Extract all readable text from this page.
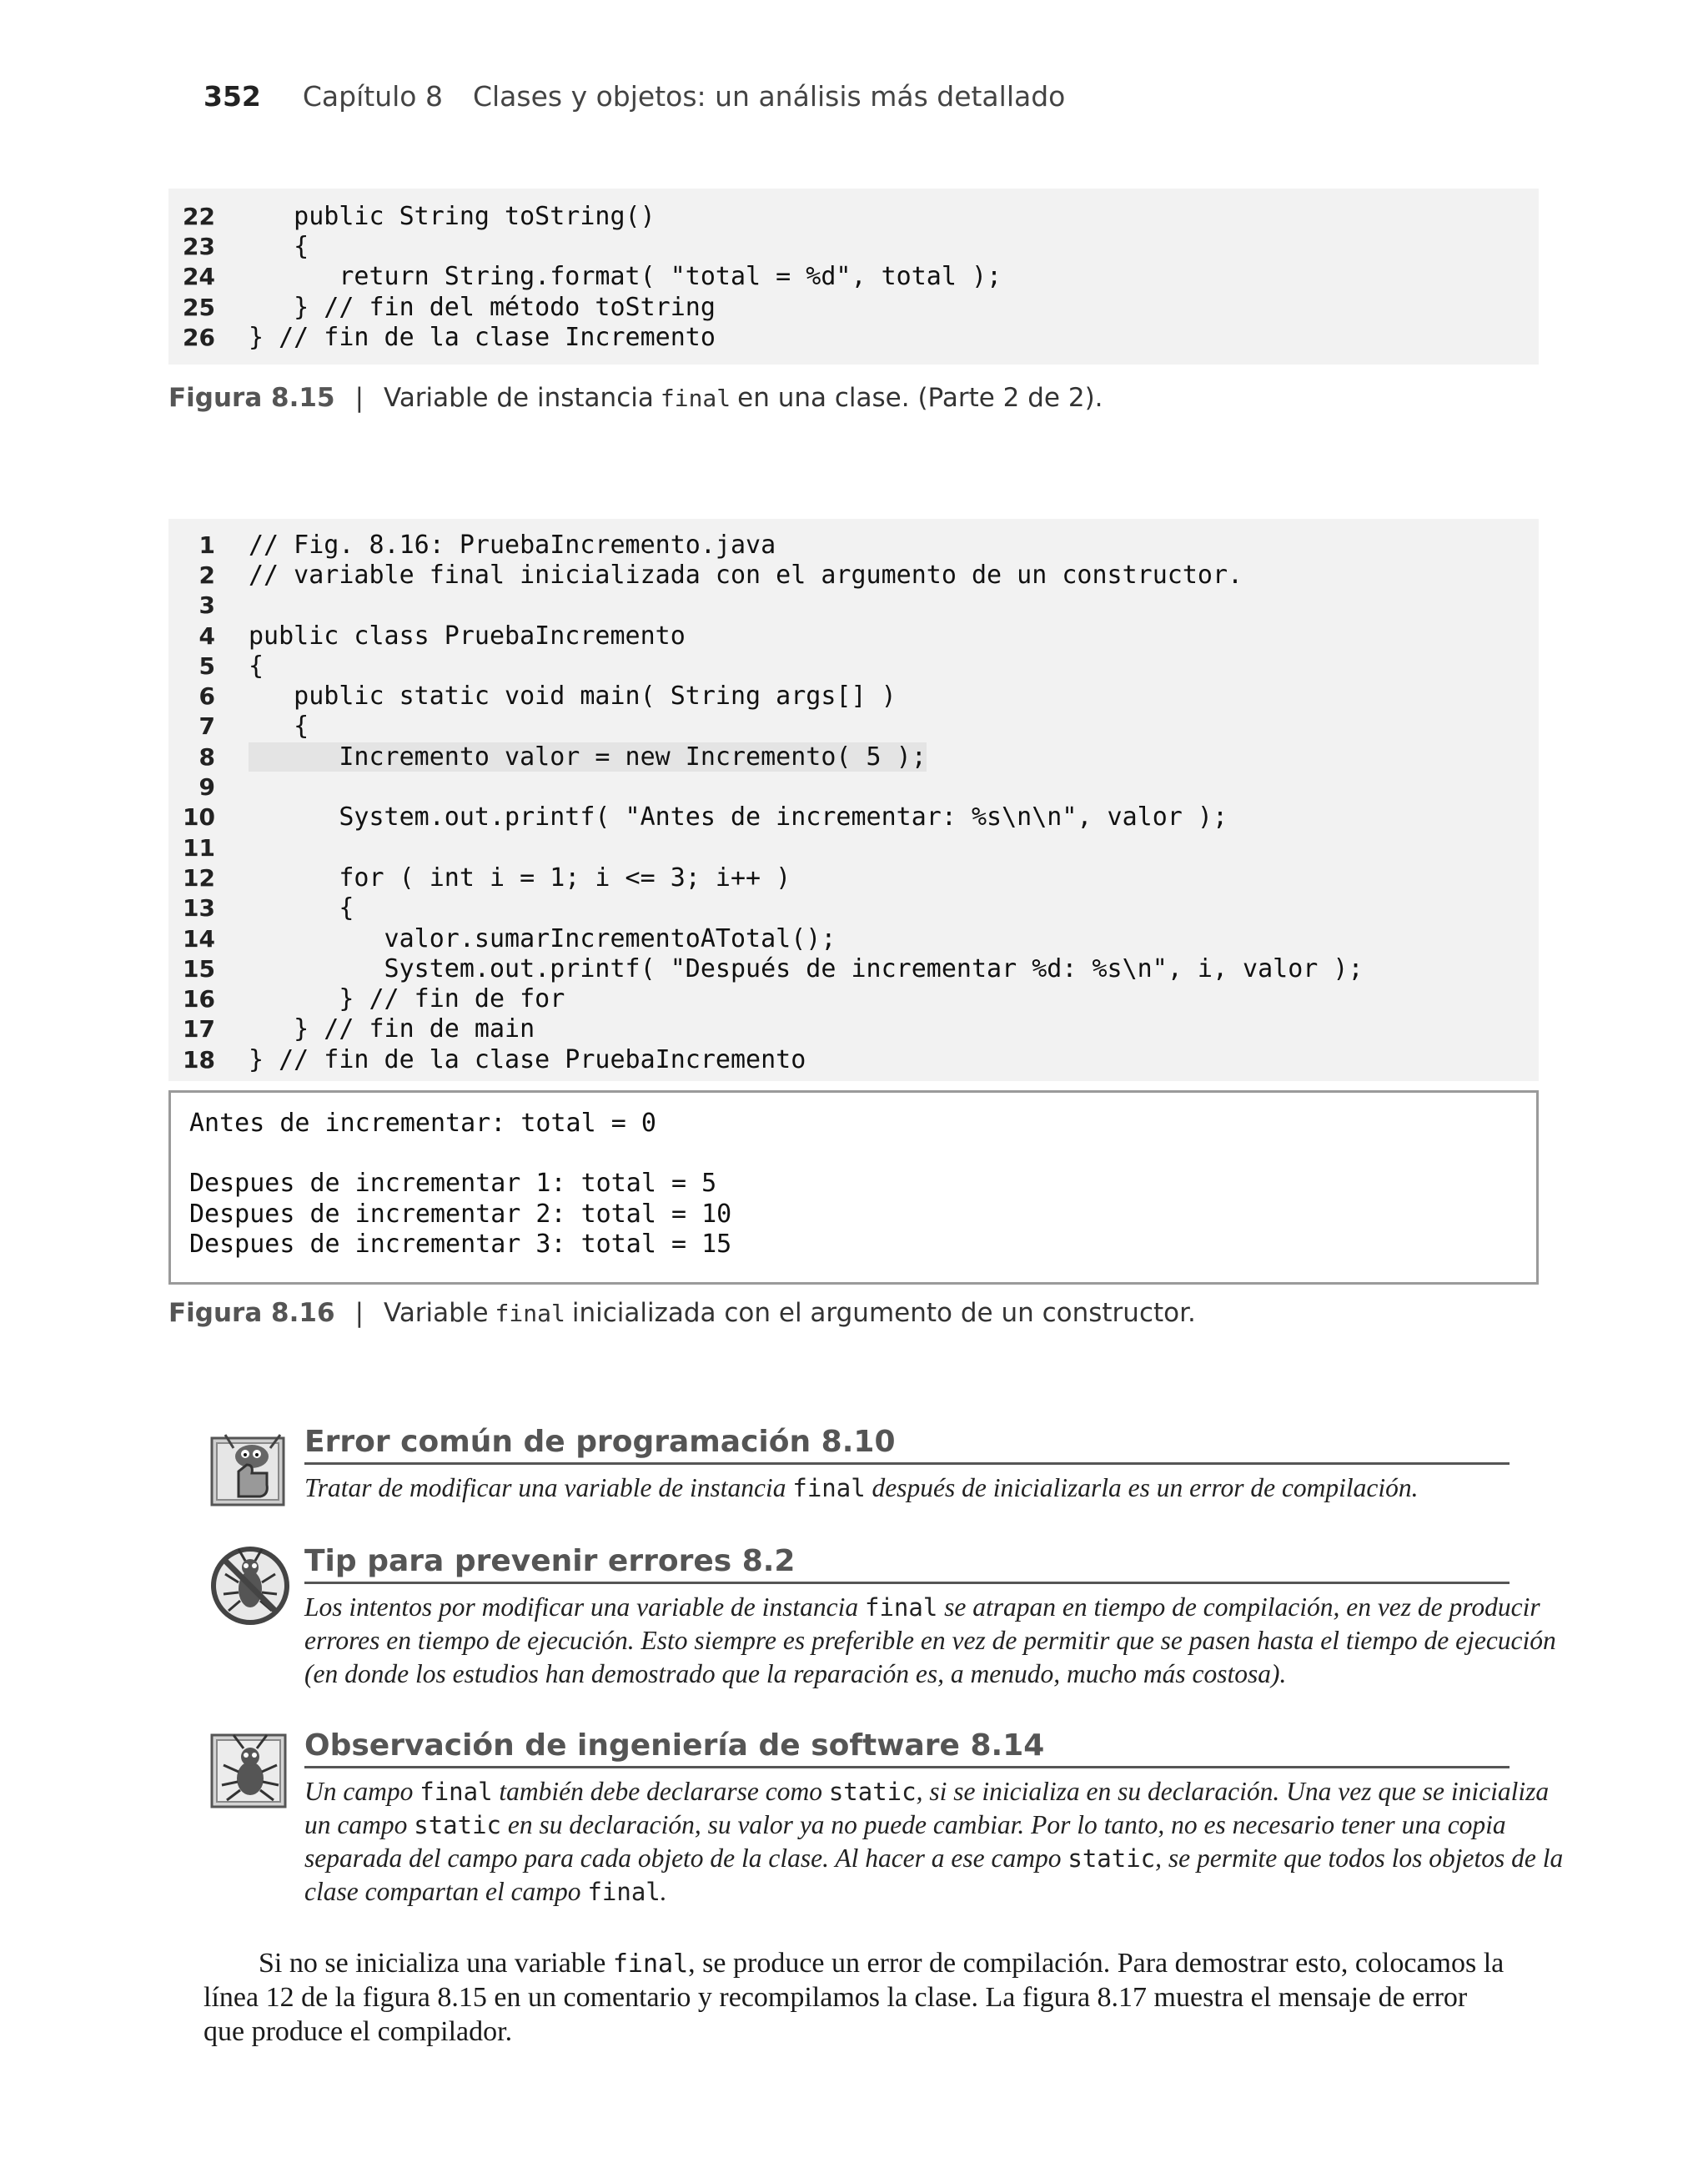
352 Capítulo 8 Clases y objetos: un análisis más detallado
22 public String toString()
23 {
24 return String.format( "total = %d", total );
25 } // fin del método toString
26 } // fin de la clase Incremento
Figura 8.15 | Variable de instancia final en una clase. (Parte 2 de 2).
1 // Fig. 8.16: PruebaIncremento.java
2 // variable final inicializada con el argumento de un constructor.
3
4 public class PruebaIncremento
5 {
6 public static void main( String args[] )
7 {
8 Incremento valor = new Incremento( 5 );
9
10 System.out.printf( "Antes de incrementar: %s\n\n", valor );
11
12 for ( int i = 1; i <= 3; i++ )
13 {
14 valor.sumarIncrementoATotal();
15 System.out.printf( "Después de incrementar %d: %s\n", i, valor );
16 } // fin de for
17 } // fin de main
18 } // fin de la clase PruebaIncremento
Antes de incrementar: total = 0
Despues de incrementar 1: total = 5
Despues de incrementar 2: total = 10
Despues de incrementar 3: total = 15
Figura 8.16 | Variable final inicializada con el argumento de un constructor.
Error común de programación 8.10
Tratar de modificar una variable de instancia final después de inicializarla es un error de compilación.
Tip para prevenir errores 8.2
Los intentos por modificar una variable de instancia final se atrapan en tiempo de compilación, en vez de producir
errores en tiempo de ejecución. Esto siempre es preferible en vez de permitir que se pasen hasta el tiempo de ejecución
(en donde los estudios han demostrado que la reparación es, a menudo, mucho más costosa).
Observación de ingeniería de software 8.14
Un campo final también debe declararse como static, si se inicializa en su declaración. Una vez que se inicializa
un campo static en su declaración, su valor ya no puede cambiar. Por lo tanto, no es necesario tener una copia
separada del campo para cada objeto de la clase. Al hacer a ese campo static, se permite que todos los objetos de la
clase compartan el campo final.
Si no se inicializa una variable final, se produce un error de compilación. Para demostrar esto, colocamos la
línea 12 de la figura 8.15 en un comentario y recompilamos la clase. La figura 8.17 muestra el mensaje de error
que produce el compilador.
